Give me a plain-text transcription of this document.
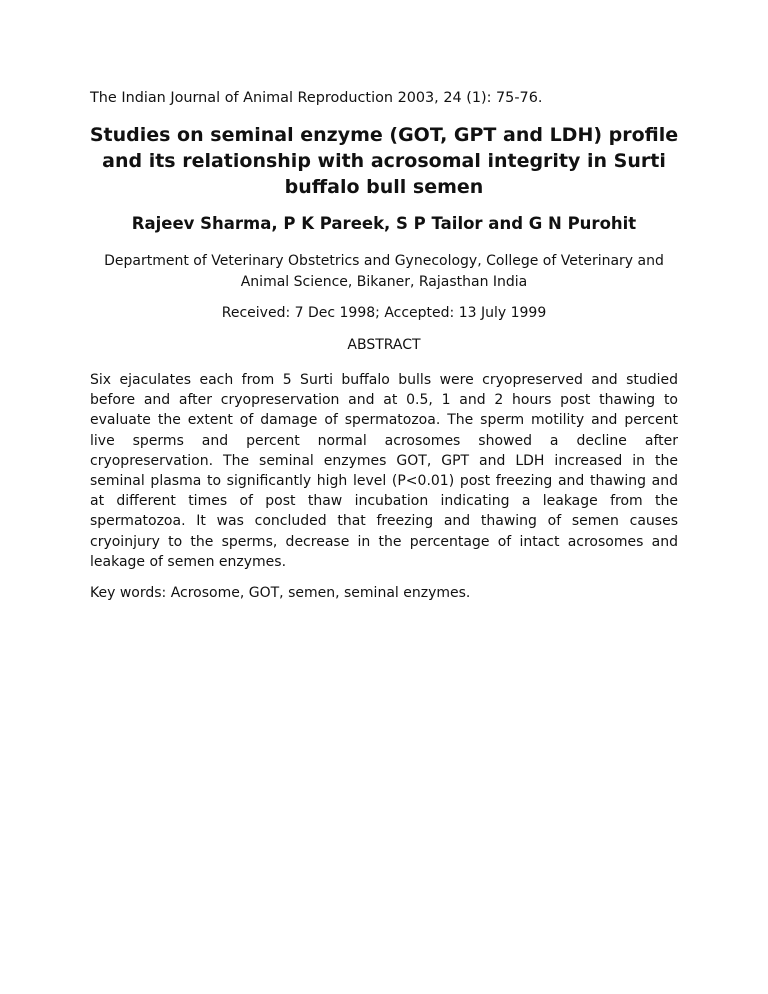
The Indian Journal of Animal Reproduction 2003, 24 (1): 75-76.
Studies on seminal enzyme (GOT, GPT and LDH) profile and its relationship with acrosomal integrity in Surti buffalo bull semen
Rajeev Sharma, P K Pareek, S P Tailor and G N Purohit
Department of Veterinary Obstetrics and Gynecology, College of Veterinary and Animal Science, Bikaner, Rajasthan India
Received: 7 Dec 1998; Accepted: 13 July 1999
ABSTRACT
Six ejaculates each from 5 Surti buffalo bulls were cryopreserved and studied before and after cryopreservation and at 0.5, 1 and 2 hours post thawing to evaluate the extent of damage of spermatozoa. The sperm motility and percent live sperms and percent normal acrosomes showed a decline after cryopreservation. The seminal enzymes GOT, GPT and LDH increased in the seminal plasma to significantly high level (P<0.01) post freezing and thawing and at different times of post thaw incubation indicating a leakage from the spermatozoa. It was concluded that freezing and thawing of semen causes cryoinjury to the sperms, decrease in the percentage of intact acrosomes and leakage of semen enzymes.
Key words: Acrosome, GOT, semen, seminal enzymes.
